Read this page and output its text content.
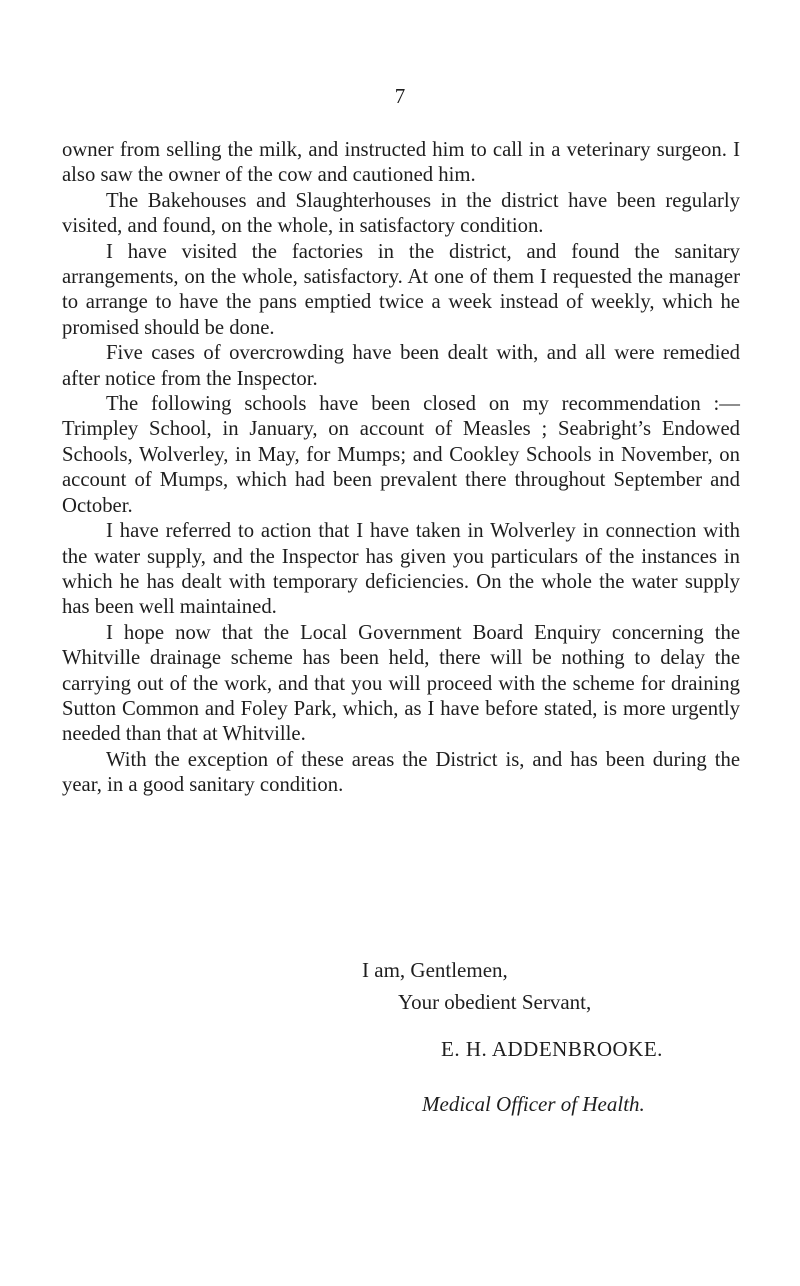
7

owner from selling the milk, and instructed him to call in a veterinary surgeon. I also saw the owner of the cow and cautioned him.

The Bakehouses and Slaughterhouses in the district have been regularly visited, and found, on the whole, in satisfactory condition.

I have visited the factories in the district, and found the sanitary arrangements, on the whole, satisfactory. At one of them I requested the manager to arrange to have the pans emptied twice a week instead of weekly, which he promised should be done.

Five cases of overcrowding have been dealt with, and all were remedied after notice from the Inspector.

The following schools have been closed on my recommendation :—Trimpley School, in January, on account of Measles ; Seabright’s Endowed Schools, Wolverley, in May, for Mumps; and Cookley Schools in November, on account of Mumps, which had been prevalent there throughout September and October.

I have referred to action that I have taken in Wolverley in connection with the water supply, and the Inspector has given you particulars of the instances in which he has dealt with temporary deficiencies. On the whole the water supply has been well maintained.

I hope now that the Local Government Board Enquiry concerning the Whitville drainage scheme has been held, there will be nothing to delay the carrying out of the work, and that you will proceed with the scheme for draining Sutton Common and Foley Park, which, as I have before stated, is more urgently needed than that at Whitville.

With the exception of these areas the District is, and has been during the year, in a good sanitary condition.

I am, Gentlemen,
Your obedient Servant,
E. H. ADDENBROOKE.
Medical Officer of Health.
